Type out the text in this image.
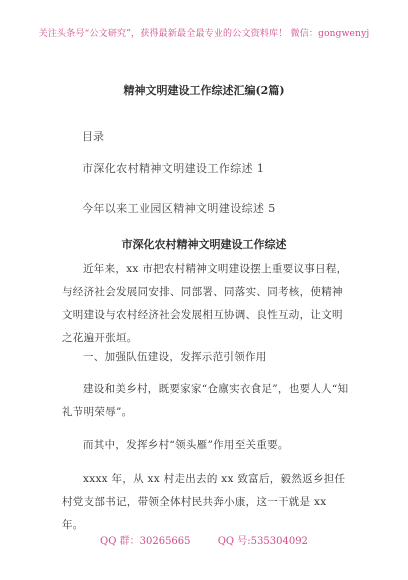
关注头条号“公文研究”，获得最新最全最专业的公文资料库！ 微信：gongwenyj
精神文明建设工作综述汇编(2篇)
目录
市深化农村精神文明建设工作综述 1
今年以来工业园区精神文明建设综述 5
市深化农村精神文明建设工作综述
近年来，xx 市把农村精神文明建设摆上重要议事日程，与经济社会发展同安排、同部署、同落实、同考核，使精神文明建设与农村经济社会发展相互协调、良性互动，让文明之花遍开张垣。
一、加强队伍建设，发挥示范引领作用
建设和美乡村，既要家家“仓廪实衣食足”，也要人人“知礼节明荣辱”。
而其中，发挥乡村“领头雁”作用至关重要。
xxxx 年，从 xx 村走出去的 xx 致富后，毅然返乡担任村党支部书记，带领全体村民共奔小康，这一干就是 xx 年。
QQ 群：30265665	QQ 号:535304092
